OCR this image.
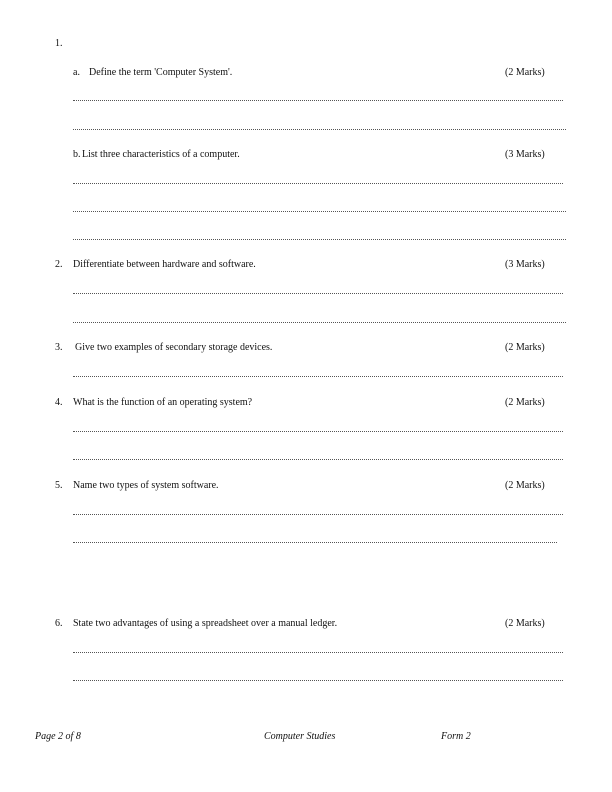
1.
a. Define the term 'Computer System'.	(2 Marks)
b. List three characteristics of a computer.	(3 Marks)
2. Differentiate between hardware and software.	(3 Marks)
3. Give two examples of secondary storage devices.	(2 Marks)
4. What is the function of an operating system?	(2 Marks)
5. Name two types of system software.	(2 Marks)
6. State two advantages of using a spreadsheet over a manual ledger.	(2 Marks)
Page 2 of 8	Computer Studies	Form 2
